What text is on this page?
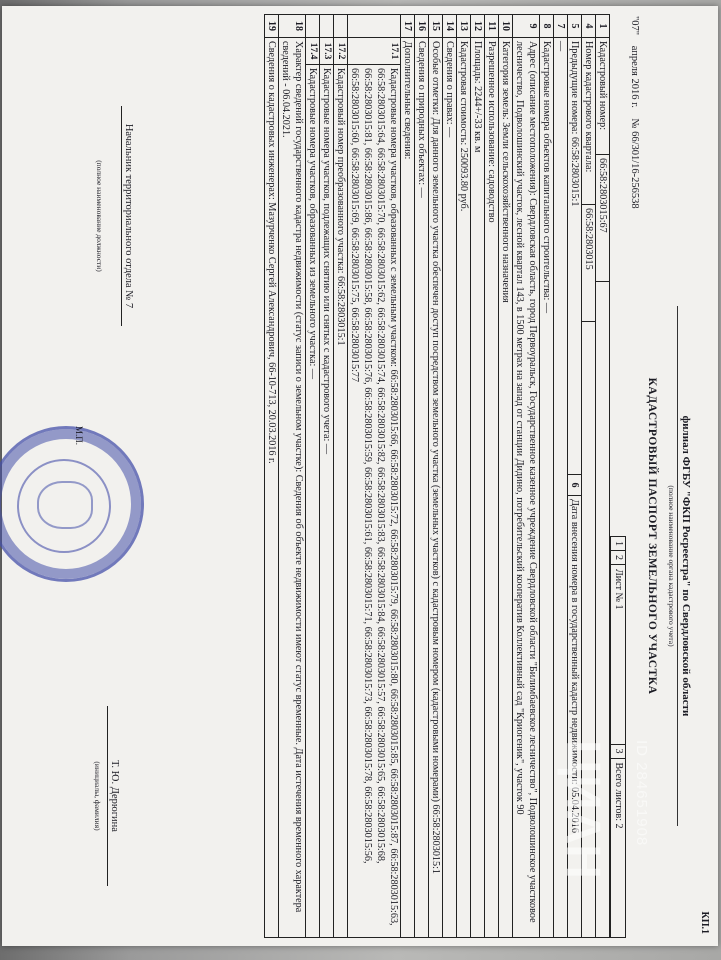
КП.1
филиал ФГБУ "ФКП Росреестра" по Свердловской области
(полное наименование органа кадастрового учета)
КАДАСТРОВЫЙ ПАСПОРТ ЗЕМЕЛЬНОГО УЧАСТКА
"07" апреля 2016 г. № 66/301/16-256538
1
2
Лист № 1
3
Всего листов: 2
1
Кадастровый номер:
66:58:2803015:67
4
Номер кадастрового квартала:
66:58:2803015
5
Предыдущие номера: 66:58:2803015:1
6
Дата внесения номера в государственный кадастр недвижимости: 05.04.2016
7
—
8
Кадастровые номера объектов капитального строительства: —
9
Адрес (описание местоположения): Свердловская область, город Первоуральск, Государственное казенное учреждение Свердловской области "Билимбаевское лесничество", Подволошинское участковое лесничество, Подволошинский участок, лесной квартал 143, в 1500 метрах на запад от станции Дидино, потребительский кооператив Коллективный сад "Криогеник", участок 90
10
Категория земель: Земли сельскохозяйственного назначения
11
Разрешенное использование: садоводство
12
Площадь: 2244+/-33 кв. м
13
Кадастровая стоимость: 250093.80 руб.
14
Сведения о правах: —
15
Особые отметки: Для данного земельного участка обеспечен доступ посредством земельного участка (земельных участков) с кадастровым номером (кадастровыми номерами) 66:58:2803015:1
16
Сведения о природных объектах: —
17
Дополнительные сведения:
17.1
Кадастровые номера участков, образованных с земельным участком: 66:58:2803015:66, 66:58:2803015:72, 66:58:2803015:79, 66:58:2803015:80, 66:58:2803015:85, 66:58:2803015:87, 66:58:2803015:63, 66:58:2803015:64, 66:58:2803015:70, 66:58:2803015:62, 66:58:2803015:74, 66:58:2803015:82, 66:58:2803015:83, 66:58:2803015:84, 66:58:2803015:57, 66:58:2803015:65, 66:58:2803015:68, 66:58:2803015:81, 66:58:2803015:86, 66:58:2803015:58, 66:58:2803015:76, 66:58:2803015:59, 66:58:2803015:61, 66:58:2803015:71, 66:58:2803015:73, 66:58:2803015:78, 66:58:2803015:56, 66:58:2803015:60, 66:58:2803015:69, 66:58:2803015:75, 66:58:2803015:77
17.2
Кадастровый номер преобразованного участка: 66:58:2803015:1
17.3
Кадастровые номера участков, подлежащих снятию или снятых с кадастрового учета: —
17.4
Кадастровые номера участков, образованных из земельного участка: —
18
Характер сведений государственного кадастра недвижимости (статус записи о земельном участке): Сведения об объекте недвижимости имеют статус временные. Дата истечения временного характера сведений - 06.04.2021.
19
Сведения о кадастровых инженерах: Мазурченко Сергей Александрович, 66-10-713, 20.03.2016 г.
Начальник территориального отдела № 7
(полное наименование должности)
М.П.
Т. Ю. Дерюгина
(инициалы, фамилия)	ЦИАН ID 284651908
